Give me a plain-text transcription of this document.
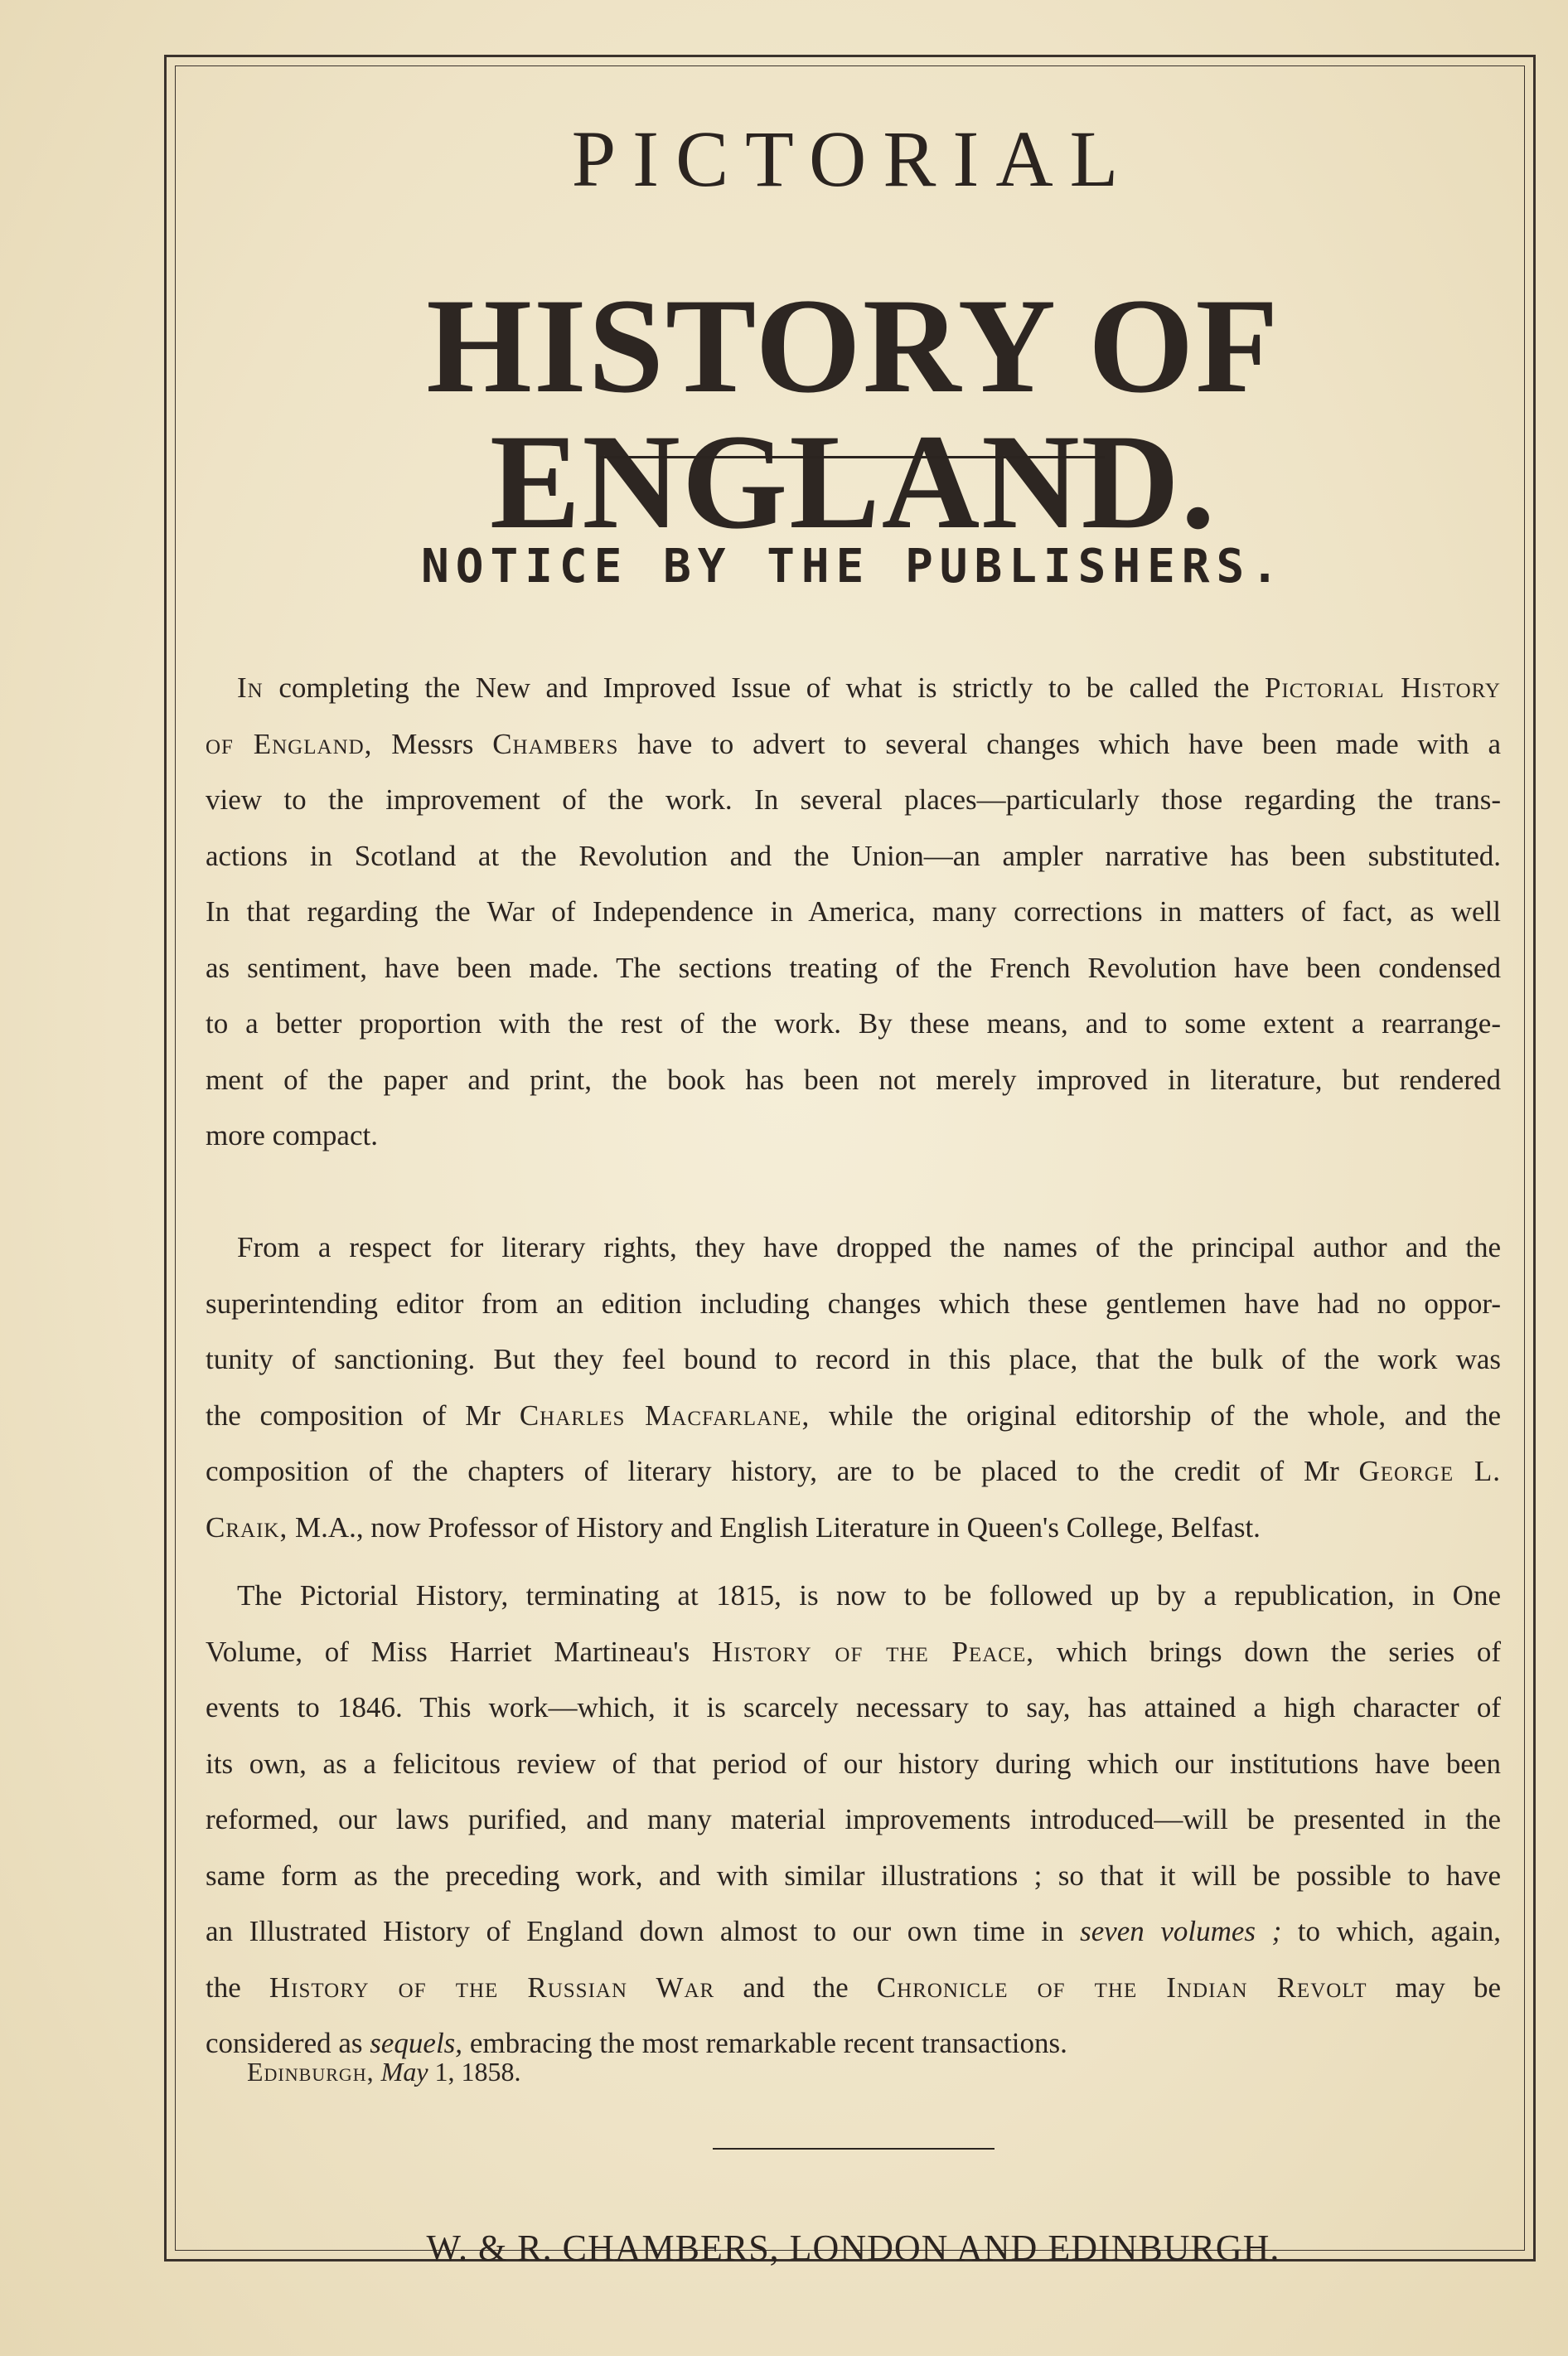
PICTORIAL
HISTORY OF ENGLAND.
NOTICE BY THE PUBLISHERS.
In completing the New and Improved Issue of what is strictly to be called the Pictorial History
of England, Messrs Chambers have to advert to several changes which have been made with a
view to the improvement of the work. In several places—particularly those regarding the trans-
actions in Scotland at the Revolution and the Union—an ampler narrative has been substituted.
In that regarding the War of Independence in America, many corrections in matters of fact, as well
as sentiment, have been made. The sections treating of the French Revolution have been condensed
to a better proportion with the rest of the work. By these means, and to some extent a rearrange-
ment of the paper and print, the book has been not merely improved in literature, but rendered
more compact.
From a respect for literary rights, they have dropped the names of the principal author and the
superintending editor from an edition including changes which these gentlemen have had no oppor-
tunity of sanctioning. But they feel bound to record in this place, that the bulk of the work was
the composition of Mr Charles Macfarlane, while the original editorship of the whole, and the
composition of the chapters of literary history, are to be placed to the credit of Mr George L.
Craik, M.A., now Professor of History and English Literature in Queen's College, Belfast.
The Pictorial History, terminating at 1815, is now to be followed up by a republication, in One
Volume, of Miss Harriet Martineau's History of the Peace, which brings down the series of
events to 1846. This work—which, it is scarcely necessary to say, has attained a high character of
its own, as a felicitous review of that period of our history during which our institutions have been
reformed, our laws purified, and many material improvements introduced—will be presented in the
same form as the preceding work, and with similar illustrations ; so that it will be possible to have
an Illustrated History of England down almost to our own time in seven volumes ; to which, again,
the History of the Russian War and the Chronicle of the Indian Revolt may be
considered as sequels, embracing the most remarkable recent transactions.
Edinburgh, May 1, 1858.
W. & R. CHAMBERS, LONDON AND EDINBURGH.
